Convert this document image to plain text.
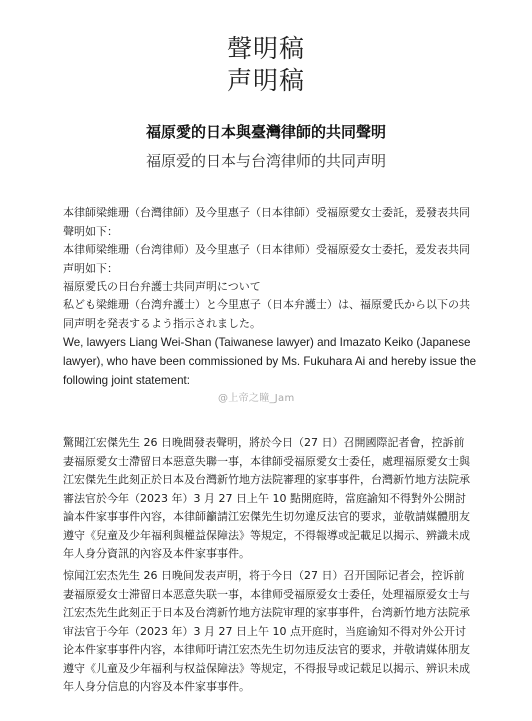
聲明稿
声明稿
福原愛的日本與臺灣律師的共同聲明
福原爱的日本与台湾律师的共同声明
本律師梁維珊（台灣律師）及今里惠子（日本律師）受福原愛女士委託，爰發表共同聲明如下：
本律师梁维珊（台湾律师）及今里惠子（日本律师）受福原爱女士委托，爰发表共同声明如下：
福原愛氏の日台弁護士共同声明について
私ども梁維珊（台湾弁護士）と今里恵子（日本弁護士）は、福原愛氏から以下の共同声明を発表するよう指示されました。
We, lawyers Liang Wei-Shan (Taiwanese lawyer) and Imazato Keiko (Japanese lawyer), who have been commissioned by Ms. Fukuhara Ai and hereby issue the following joint statement:
@上帝之瞳_Jam
驚聞江宏傑先生 26 日晚間發表聲明，將於今日（27 日）召開國際記者會，控訴前妻福原愛女士滯留日本惡意失聯一事，本律師受福原愛女士委任，處理福原愛女士與江宏傑先生此刻正於日本及台灣新竹地方法院審理的家事事件，台灣新竹地方法院承審法官於今年（2023 年）3 月 27 日上午 10 點開庭時，當庭諭知不得對外公開討論本件家事事件內容，本律師籲請江宏傑先生切勿違反法官的要求，並敬請媒體朋友遵守《兒童及少年福利與權益保障法》等規定，不得報導或記載足以揭示、辨識未成年人身分資訊的內容及本件家事事件。
惊闻江宏杰先生 26 日晚间发表声明，将于今日（27 日）召开国际记者会，控诉前妻福原爱女士滞留日本恶意失联一事，本律师受福原爱女士委任，处理福原爱女士与江宏杰先生此刻正于日本及台湾新竹地方法院审理的家事事件，台湾新竹地方法院承审法官于今年（2023 年）3 月 27 日上午 10 点开庭时，当庭谕知不得对外公开讨论本件家事事件内容，本律师吁请江宏杰先生切勿违反法官的要求，并敬请媒体朋友遵守《儿童及少年福利与权益保障法》等规定，不得报导或记载足以揭示、辨识未成年人身分信息的内容及本件家事事件。
